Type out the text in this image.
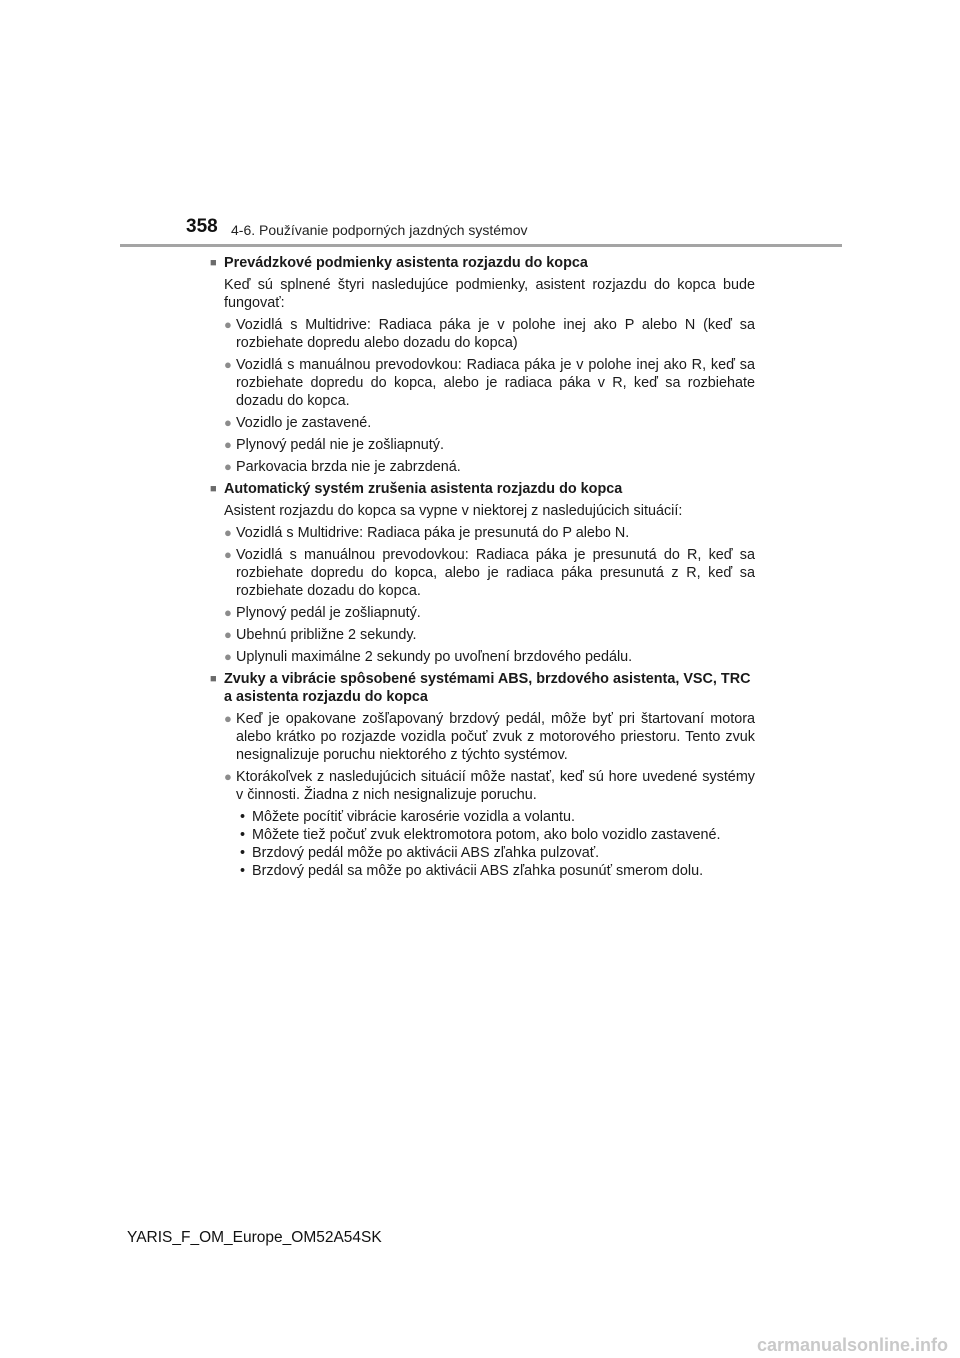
358 4-6. Používanie podporných jazdných systémov
■ Prevádzkové podmienky asistenta rozjazdu do kopca
Keď sú splnené štyri nasledujúce podmienky, asistent rozjazdu do kopca bude fungovať:
● Vozidlá s Multidrive: Radiaca páka je v polohe inej ako P alebo N (keď sa rozbiehate dopredu alebo dozadu do kopca)
● Vozidlá s manuálnou prevodovkou: Radiaca páka je v polohe inej ako R, keď sa rozbiehate dopredu do kopca, alebo je radiaca páka v R, keď sa rozbiehate dozadu do kopca.
● Vozidlo je zastavené.
● Plynový pedál nie je zošliapnutý.
● Parkovacia brzda nie je zabrzdená.
■ Automatický systém zrušenia asistenta rozjazdu do kopca
Asistent rozjazdu do kopca sa vypne v niektorej z nasledujúcich situácií:
● Vozidlá s Multidrive: Radiaca páka je presunutá do P alebo N.
● Vozidlá s manuálnou prevodovkou: Radiaca páka je presunutá do R, keď sa rozbiehate dopredu do kopca, alebo je radiaca páka presunutá z R, keď sa rozbiehate dozadu do kopca.
● Plynový pedál je zošliapnutý.
● Ubehnú približne 2 sekundy.
● Uplynuli maximálne 2 sekundy po uvoľnení brzdového pedálu.
■ Zvuky a vibrácie spôsobené systémami ABS, brzdového asistenta, VSC, TRC a asistenta rozjazdu do kopca
● Keď je opakovane zošľapovaný brzdový pedál, môže byť pri štartovaní motora alebo krátko po rozjazde vozidla počuť zvuk z motorového priestoru. Tento zvuk nesignalizuje poruchu niektorého z týchto systémov.
● Ktorákoľvek z nasledujúcich situácií môže nastať, keď sú hore uvedené systémy v činnosti. Žiadna z nich nesignalizuje poruchu.
• Môžete pocítiť vibrácie karosérie vozidla a volantu.
• Môžete tiež počuť zvuk elektromotora potom, ako bolo vozidlo zastavené.
• Brzdový pedál môže po aktivácii ABS zľahka pulzovať.
• Brzdový pedál sa môže po aktivácii ABS zľahka posunúť smerom dolu.
YARIS_F_OM_Europe_OM52A54SK
carmanualsonline.info
